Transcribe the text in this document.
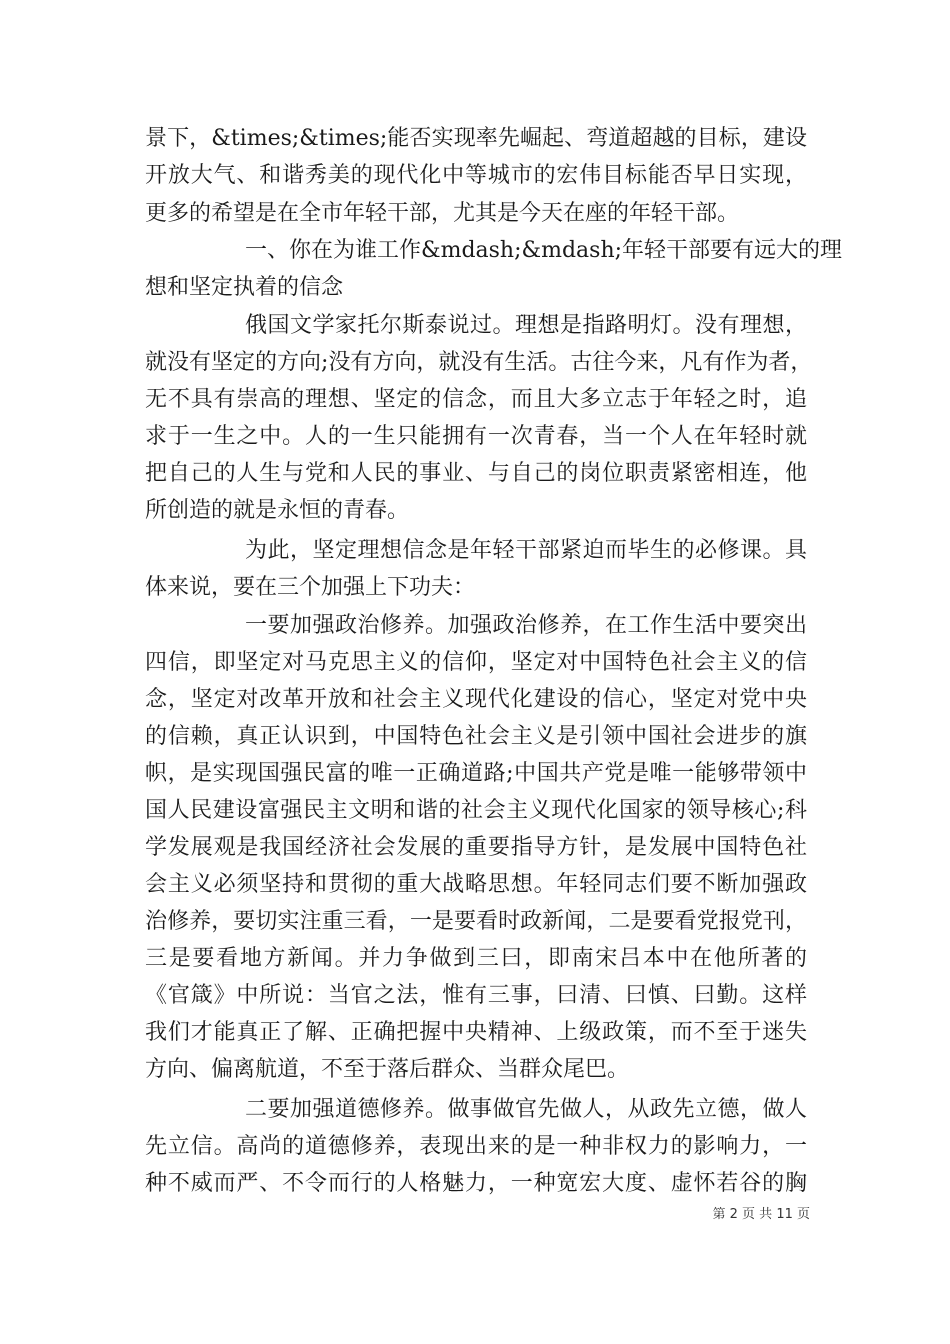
景下，&times;&times;能否实现率先崛起、弯道超越的目标，建设
开放大气、和谐秀美的现代化中等城市的宏伟目标能否早日实现，
更多的希望是在全市年轻干部，尤其是今天在座的年轻干部。
一、你在为谁工作&mdash;&mdash;年轻干部要有远大的理
想和坚定执着的信念
俄国文学家托尔斯泰说过。理想是指路明灯。没有理想，
就没有坚定的方向;没有方向，就没有生活。古往今来，凡有作为者，
无不具有崇高的理想、坚定的信念，而且大多立志于年轻之时，追
求于一生之中。人的一生只能拥有一次青春，当一个人在年轻时就
把自己的人生与党和人民的事业、与自己的岗位职责紧密相连，他
所创造的就是永恒的青春。
为此，坚定理想信念是年轻干部紧迫而毕生的必修课。具
体来说，要在三个加强上下功夫：
一要加强政治修养。加强政治修养，在工作生活中要突出
四信，即坚定对马克思主义的信仰，坚定对中国特色社会主义的信
念，坚定对改革开放和社会主义现代化建设的信心，坚定对党中央
的信赖，真正认识到，中国特色社会主义是引领中国社会进步的旗
帜，是实现国强民富的唯一正确道路;中国共产党是唯一能够带领中
国人民建设富强民主文明和谐的社会主义现代化国家的领导核心;科
学发展观是我国经济社会发展的重要指导方针，是发展中国特色社
会主义必须坚持和贯彻的重大战略思想。年轻同志们要不断加强政
治修养，要切实注重三看，一是要看时政新闻，二是要看党报党刊，
三是要看地方新闻。并力争做到三曰，即南宋吕本中在他所著的
《官箴》中所说：当官之法，惟有三事，曰清、曰慎、曰勤。这样
我们才能真正了解、正确把握中央精神、上级政策，而不至于迷失
方向、偏离航道，不至于落后群众、当群众尾巴。
二要加强道德修养。做事做官先做人，从政先立德，做人
先立信。高尚的道德修养，表现出来的是一种非权力的影响力，一
种不威而严、不令而行的人格魅力，一种宽宏大度、虚怀若谷的胸
第 2 页 共 11 页
